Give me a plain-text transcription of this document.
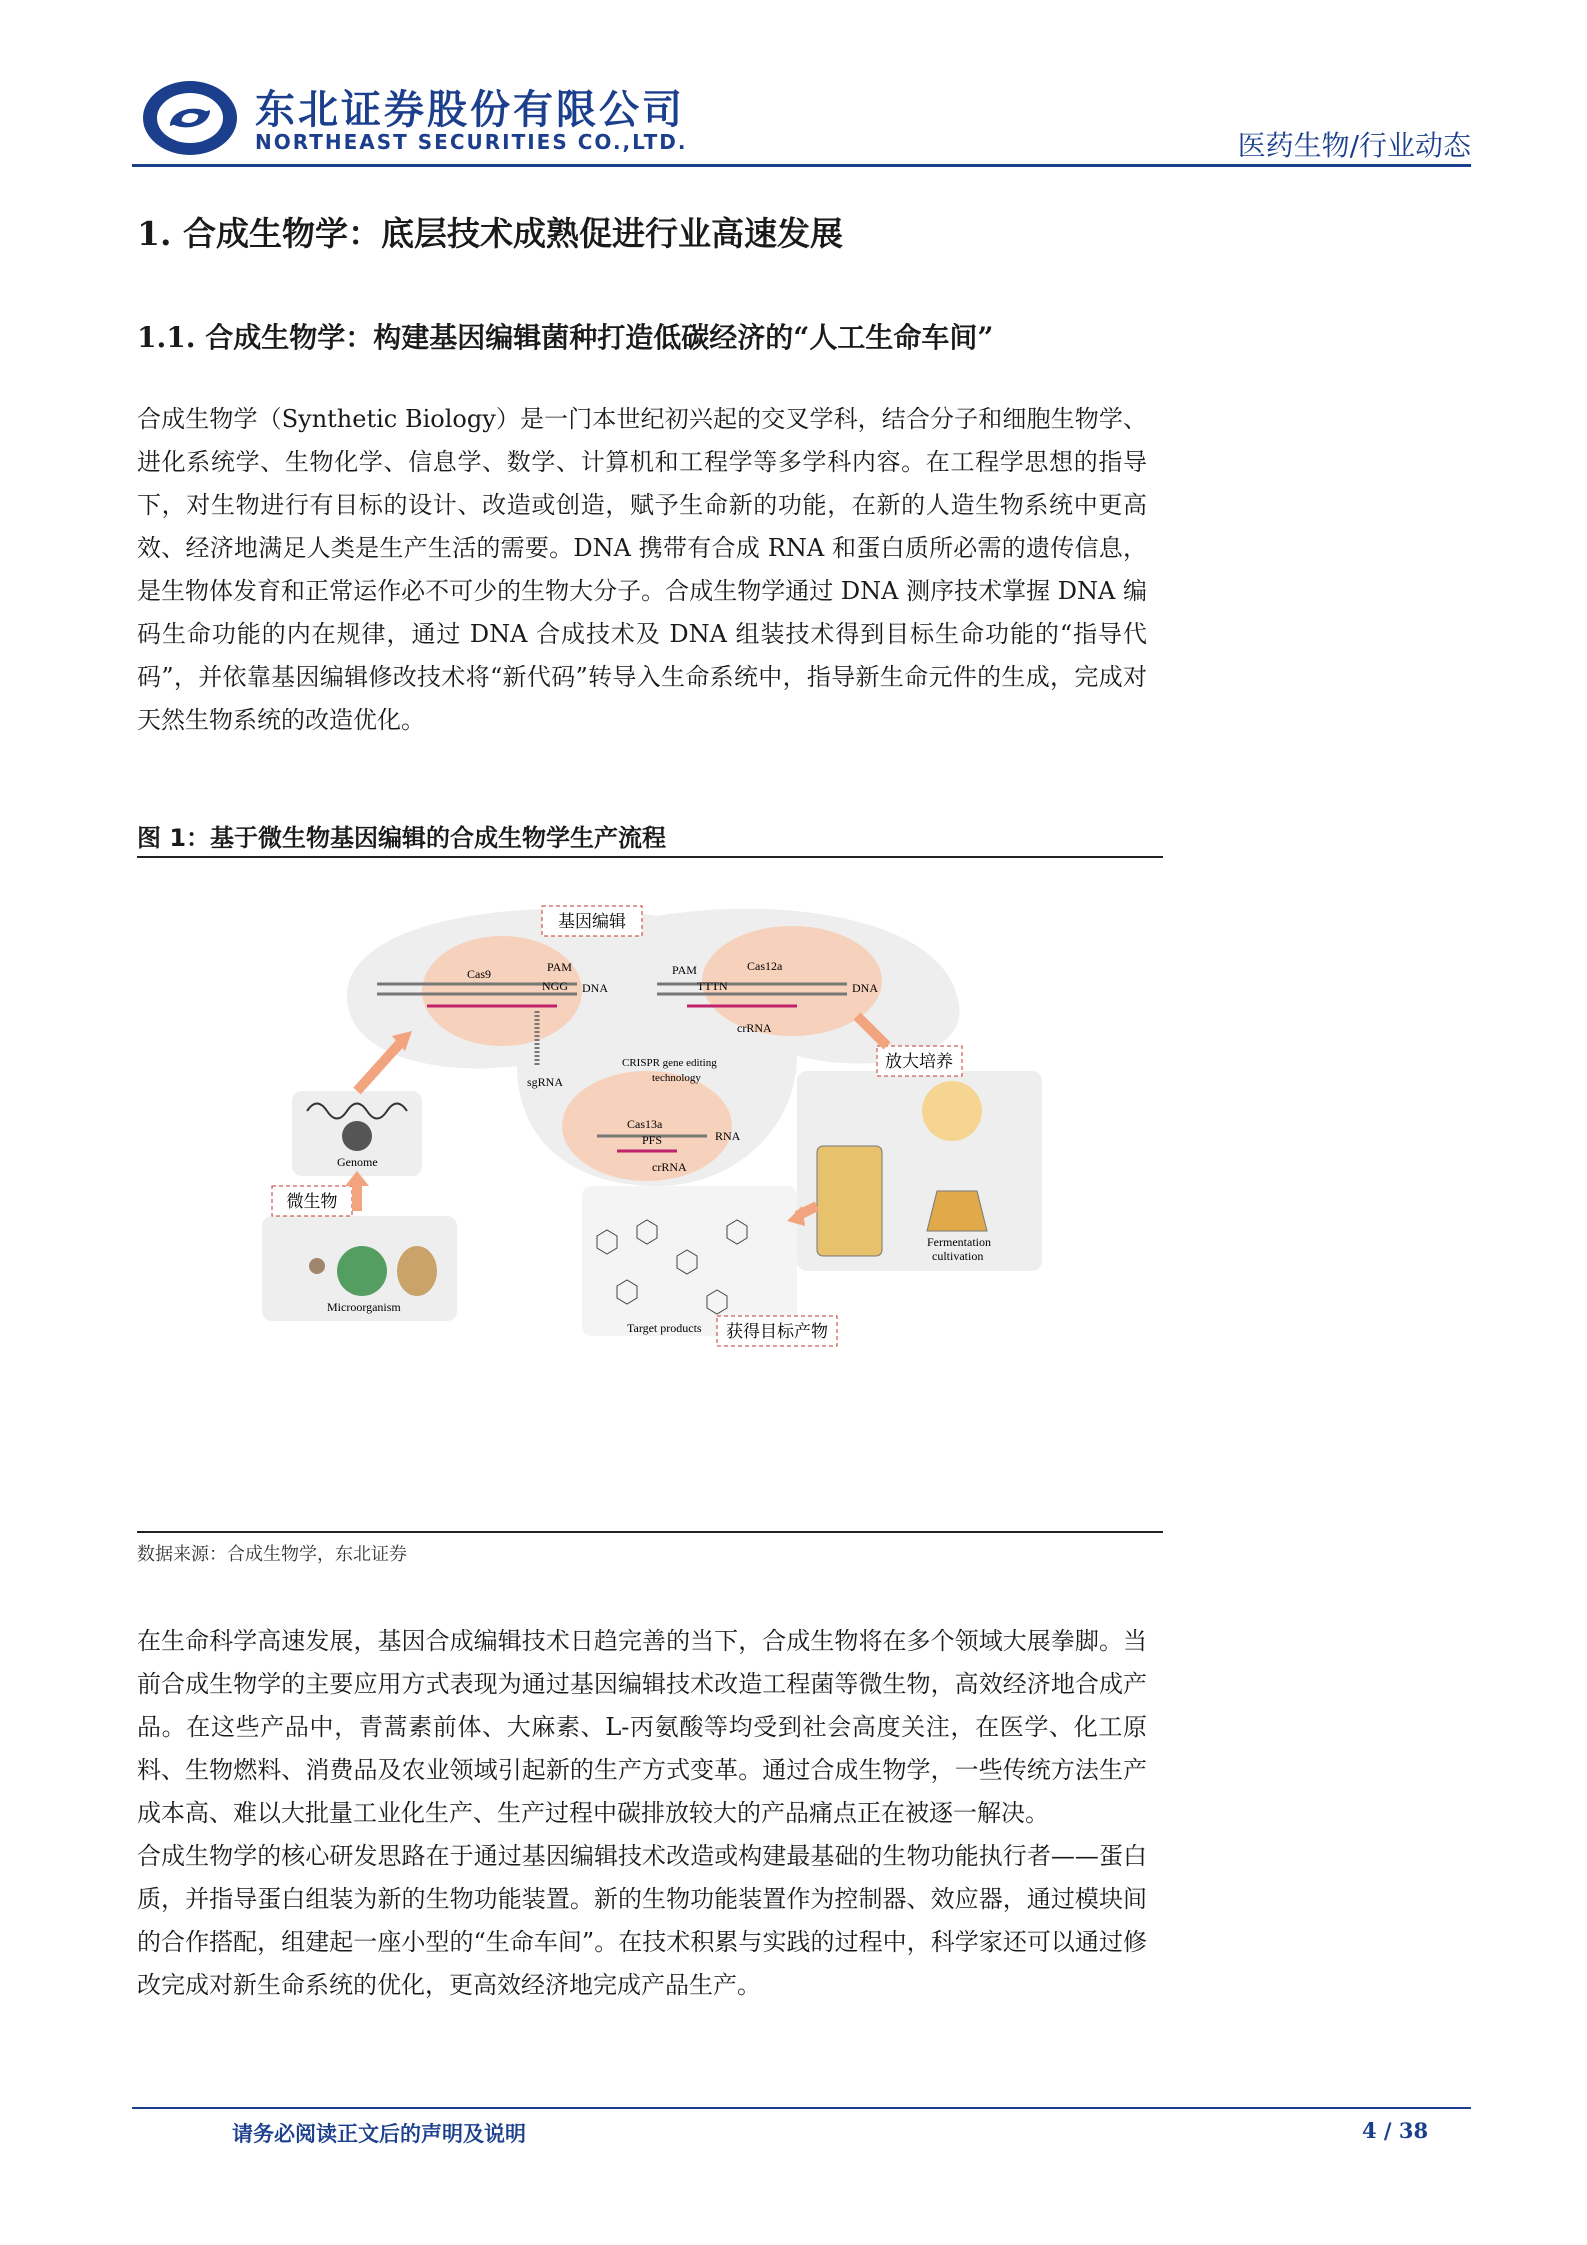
东北证券股份有限公司
NORTHEAST SECURITIES CO.,LTD.	医药生物/行业动态
1. 合成生物学：底层技术成熟促进行业高速发展
1.1. 合成生物学：构建基因编辑菌种打造低碳经济的“人工生命车间”
合成生物学（Synthetic Biology）是一门本世纪初兴起的交叉学科，结合分子和细胞生物学、进化系统学、生物化学、信息学、数学、计算机和工程学等多学科内容。在工程学思想的指导下，对生物进行有目标的设计、改造或创造，赋予生命新的功能，在新的人造生物系统中更高效、经济地满足人类是生产生活的需要。DNA 携带有合成 RNA 和蛋白质所必需的遗传信息，是生物体发育和正常运作必不可少的生物大分子。合成生物学通过 DNA 测序技术掌握 DNA 编码生命功能的内在规律，通过 DNA 合成技术及 DNA 组装技术得到目标生命功能的“指导代码”，并依靠基因编辑修改技术将“新代码”转导入生命系统中，指导新生命元件的生成，完成对天然生物系统的改造优化。
图 1：基于微生物基因编辑的合成生物学生产流程
基因编辑
Cas9	PAM
NGG DNA
sgRNA
PAM	Cas12a
TTTN	DNA
crRNA
CRISPR gene editing
technology
Cas13a
PFS	RNA
crRNA
Genome
Microorganism
微生物
Fermentation
cultivation
放大培养
Target products 获得目标产物
数据来源：合成生物学，东北证券
在生命科学高速发展，基因合成编辑技术日趋完善的当下，合成生物将在多个领域大展拳脚。当前合成生物学的主要应用方式表现为通过基因编辑技术改造工程菌等微生物，高效经济地合成产品。在这些产品中，青蒿素前体、大麻素、L-丙氨酸等均受到社会高度关注，在医学、化工原料、生物燃料、消费品及农业领域引起新的生产方式变革。通过合成生物学，一些传统方法生产成本高、难以大批量工业化生产、生产过程中碳排放较大的产品痛点正在被逐一解决。
合成生物学的核心研发思路在于通过基因编辑技术改造或构建最基础的生物功能执行者——蛋白质，并指导蛋白组装为新的生物功能装置。新的生物功能装置作为控制器、效应器，通过模块间的合作搭配，组建起一座小型的“生命车间”。在技术积累与实践的过程中，科学家还可以通过修改完成对新生命系统的优化，更高效经济地完成产品生产。
请务必阅读正文后的声明及说明	4 / 38
